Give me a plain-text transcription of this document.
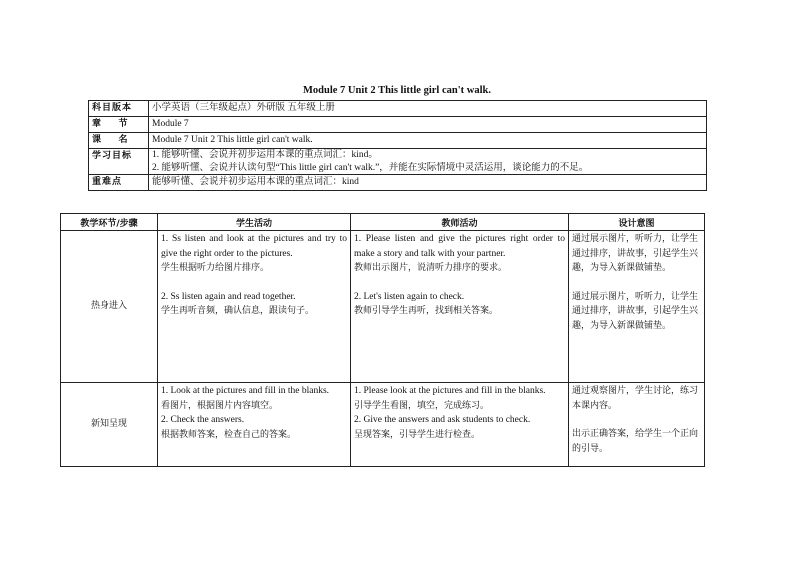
Module 7 Unit 2 This little girl can't walk.
科目版本	小学英语（三年级起点）外研版 五年级上册

章    节	Module 7

课    名	Module 7 Unit 2 This little girl can't walk.

学习目标	1. 能够听懂、会说并初步运用本课的重点词汇：kind。
2. 能够听懂、会说并认读句型“This little girl can't walk.”，并能在实际情境中灵活运用，谈论能力的不足。

重难点	能够听懂、会说并初步运用本课的重点词汇：kind
教学环节/步骤	学生活动	教师活动	设计意图
热身进入	1. Ss listen and look at the pictures and try to give the right order to the pictures.
学生根据听力给图片排序。
2. Ss listen again and read together.
学生再听音频，确认信息，跟读句子。	1. Please listen and give the pictures right order to make a story and talk with your partner.
教师出示图片，说清听力排序的要求。
2. Let's listen again to check.
教师引导学生再听，找到相关答案。	通过展示图片，听听力，让学生通过排序，讲故事，引起学生兴趣，为导入新课做铺垫。
通过展示图片，听听力，让学生通过排序，讲故事，引起学生兴趣，为导入新课做铺垫。

新知呈现	1. Look at the pictures and fill in the blanks.
看图片，根据图片内容填空。
2. Check the answers.
根据教师答案，检查自己的答案。	1. Please look at the pictures and fill in the blanks.
引导学生看图，填空，完成练习。
2. Give the answers and ask students to check.
呈现答案，引导学生进行检查。	通过观察图片，学生讨论，练习本课内容。
出示正确答案，给学生一个正向的引导。
